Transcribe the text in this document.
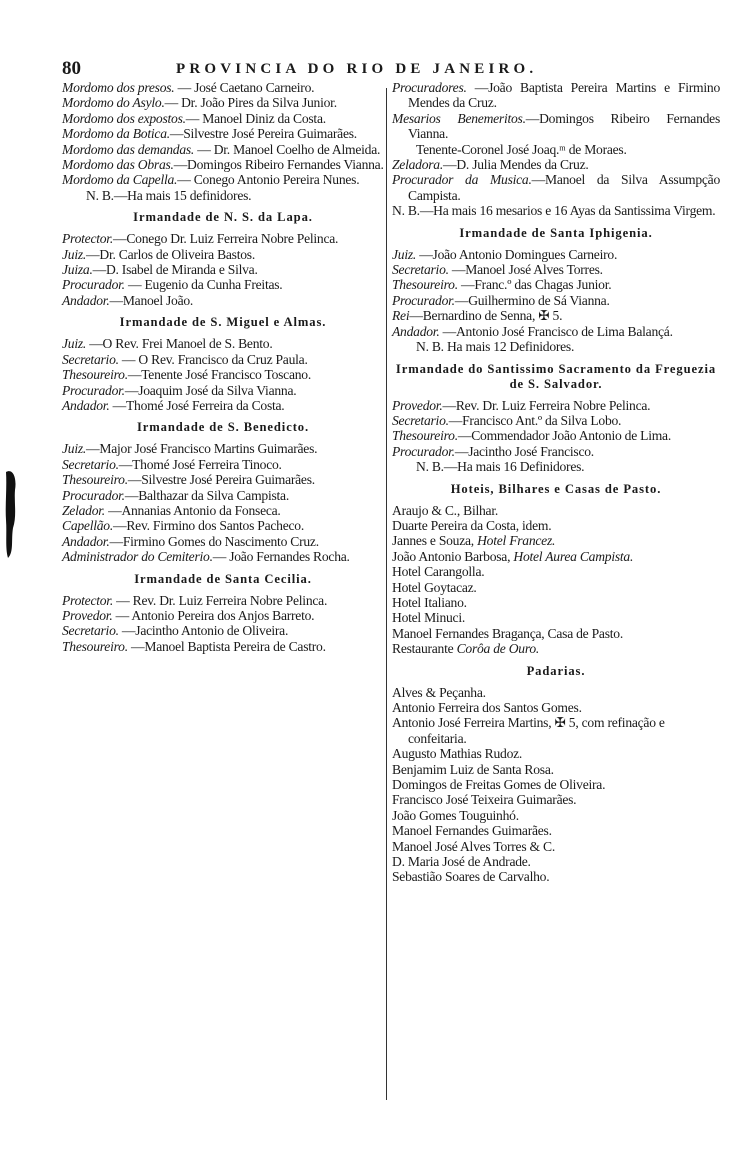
80	PROVINCIA DO RIO DE JANEIRO.
Mordomo dos presos. — José Caetano Carneiro.
Mordomo do Asylo.— Dr. João Pires da Silva Junior.
Mordomo dos expostos.— Manoel Diniz da Costa.
Mordomo da Botica.—Silvestre José Pereira Guimarães.
Mordomo das demandas. — Dr. Manoel Coelho de Almeida.
Mordomo das Obras.—Domingos Ribeiro Fernandes Vianna.
Mordomo da Capella.— Conego Antonio Pereira Nunes.
N. B.—Ha mais 15 definidores.
Irmandade de N. S. da Lapa.
Protector.—Conego Dr. Luiz Ferreira Nobre Pelinca.
Juiz.—Dr. Carlos de Oliveira Bastos.
Juiza.—D. Isabel de Miranda e Silva.
Procurador. — Eugenio da Cunha Freitas.
Andador.—Manoel João.
Irmandade de S. Miguel e Almas.
Juiz. —O Rev. Frei Manoel de S. Bento.
Secretario. — O Rev. Francisco da Cruz Paula.
Thesoureiro.—Tenente José Francisco Toscano.
Procurador.—Joaquim José da Silva Vianna.
Andador. —Thomé José Ferreira da Costa.
Irmandade de S. Benedicto.
Juiz.—Major José Francisco Martins Guimarães.
Secretario.—Thomé José Ferreira Tinoco.
Thesoureiro.—Silvestre José Pereira Guimarães.
Procurador.—Balthazar da Silva Campista.
Zelador. —Annanias Antonio da Fonseca.
Capellão.—Rev. Firmino dos Santos Pacheco.
Andador.—Firmino Gomes do Nascimento Cruz.
Administrador do Cemiterio.— João Fernandes Rocha.
Irmandade de Santa Cecilia.
Protector. — Rev. Dr. Luiz Ferreira Nobre Pelinca.
Provedor. — Antonio Pereira dos Anjos Barreto.
Secretario. —Jacintho Antonio de Oliveira.
Thesoureiro. —Manoel Baptista Pereira de Castro.
Procuradores. —João Baptista Pereira Martins e Firmino Mendes da Cruz.
Mesarios Benemeritos.—Domingos Ribeiro Fernandes Vianna.
Tenente-Coronel José Joaq.ᵐ de Moraes.
Zeladora.—D. Julia Mendes da Cruz.
Procurador da Musica.—Manoel da Silva Assumpção Campista.
N. B.—Ha mais 16 mesarios e 16 Ayas da Santissima Virgem.
Irmandade de Santa Iphigenia.
Juiz. —João Antonio Domingues Carneiro.
Secretario. —Manoel José Alves Torres.
Thesoureiro. —Franc.º das Chagas Junior.
Procurador.—Guilhermino de Sá Vianna.
Rei—Bernardino de Senna, ✠ 5.
Andador. —Antonio José Francisco de Lima Balançá.
N. B. Ha mais 12 Definidores.
Irmandade do Santissimo Sacramento da Freguezia de S. Salvador.
Provedor.—Rev. Dr. Luiz Ferreira Nobre Pelinca.
Secretario.—Francisco Ant.º da Silva Lobo.
Thesoureiro.—Commendador João Antonio de Lima.
Procurador.—Jacintho José Francisco.
N. B.—Ha mais 16 Definidores.
Hoteis, Bilhares e Casas de Pasto.
Araujo & C., Bilhar.
Duarte Pereira da Costa, idem.
Jannes e Souza, Hotel Francez.
João Antonio Barbosa, Hotel Aurea Campista.
Hotel Carangolla.
Hotel Goytacaz.
Hotel Italiano.
Hotel Minuci.
Manoel Fernandes Bragança, Casa de Pasto.
Restaurante Corôa de Ouro.
Padarias.
Alves & Peçanha.
Antonio Ferreira dos Santos Gomes.
Antonio José Ferreira Martins, ✠ 5, com refinação e confeitaria.
Augusto Mathias Rudoz.
Benjamim Luiz de Santa Rosa.
Domingos de Freitas Gomes de Oliveira.
Francisco José Teixeira Guimarães.
João Gomes Touguinhó.
Manoel Fernandes Guimarães.
Manoel José Alves Torres & C.
D. Maria José de Andrade.
Sebastião Soares de Carvalho.
